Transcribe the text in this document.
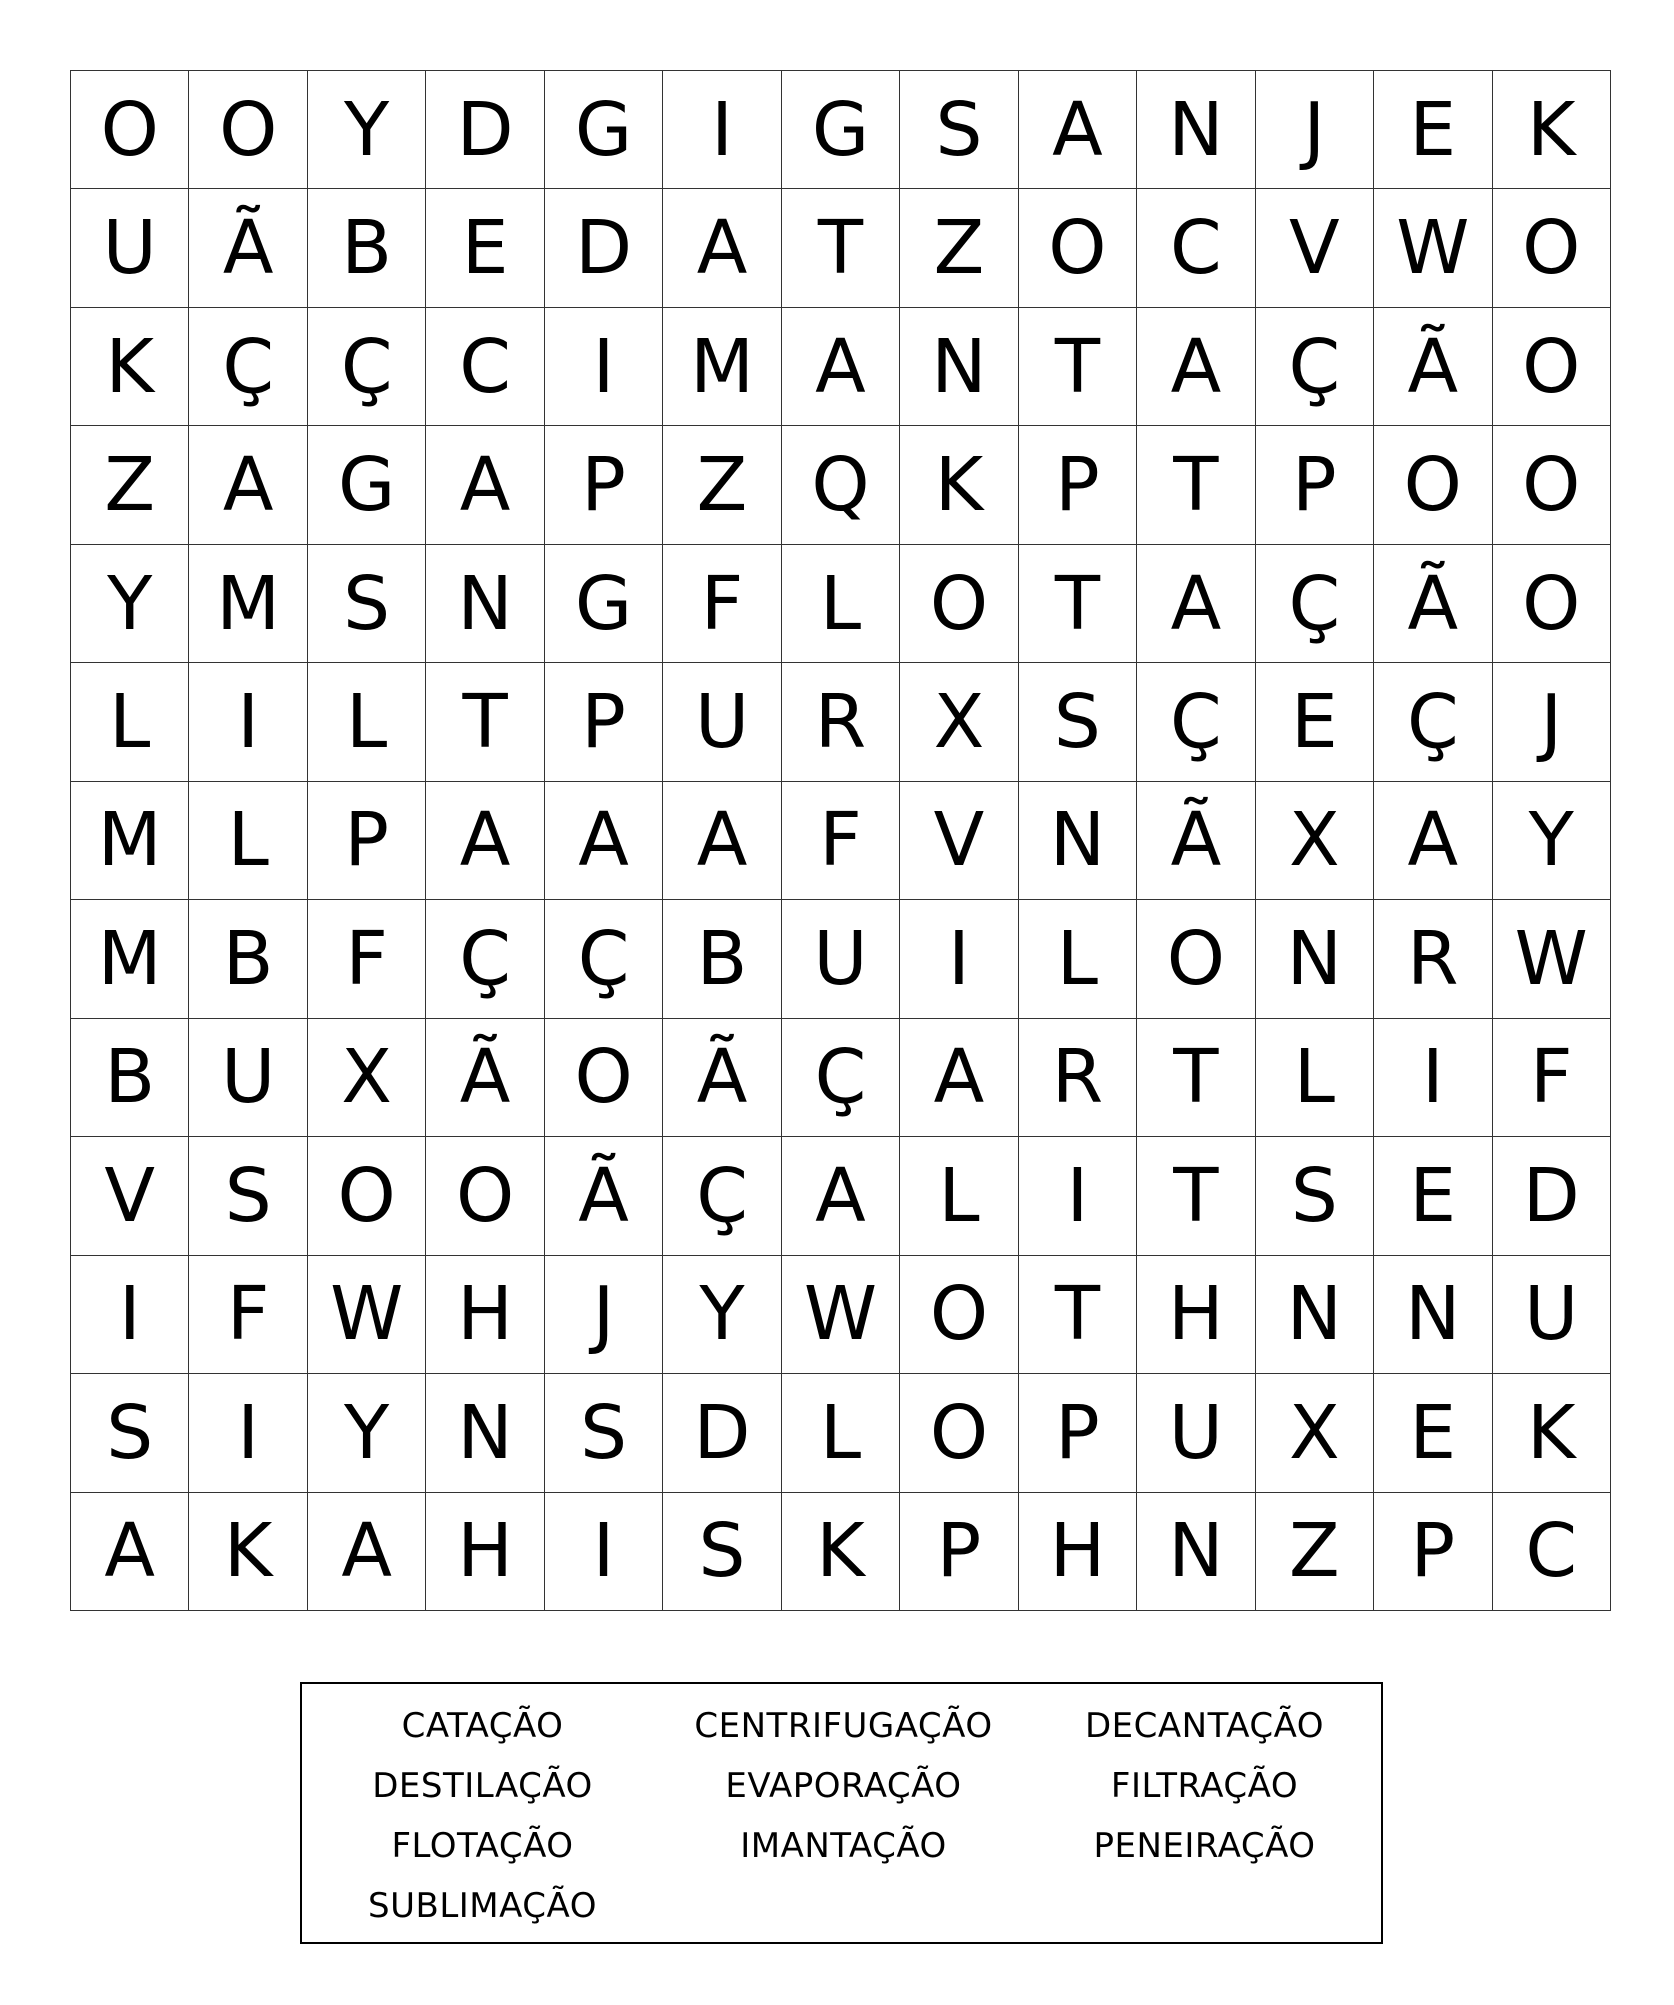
O O Y D G	I	G S A N	J	E K
U Ã B E D A T Z O C V W O
K Ç Ç C	I	M A N T A Ç Ã O
Z A G A P Z Q K P T P O O
Y M S N G F	L O T A Ç Ã O
L	I	L	T P U R X S Ç E Ç	J
M L	P A A A F V N Ã X A Y
M B F Ç Ç B U	I	L O N R W
B U X Ã O Ã Ç A R T	L	I	F
V S O O Ã Ç A L	I	T S E D
I	F W H	J	Y W O T H N N U
S	I	Y N S D L O P U X E K
A K A H	I	S K P H N Z P C
CATAÇÃO	CENTRIFUGAÇÃO	DECANTAÇÃO
DESTILAÇÃO	EVAPORAÇÃO	FILTRAÇÃO
FLOTAÇÃO	IMANTAÇÃO	PENEIRAÇÃO
SUBLIMAÇÃO
